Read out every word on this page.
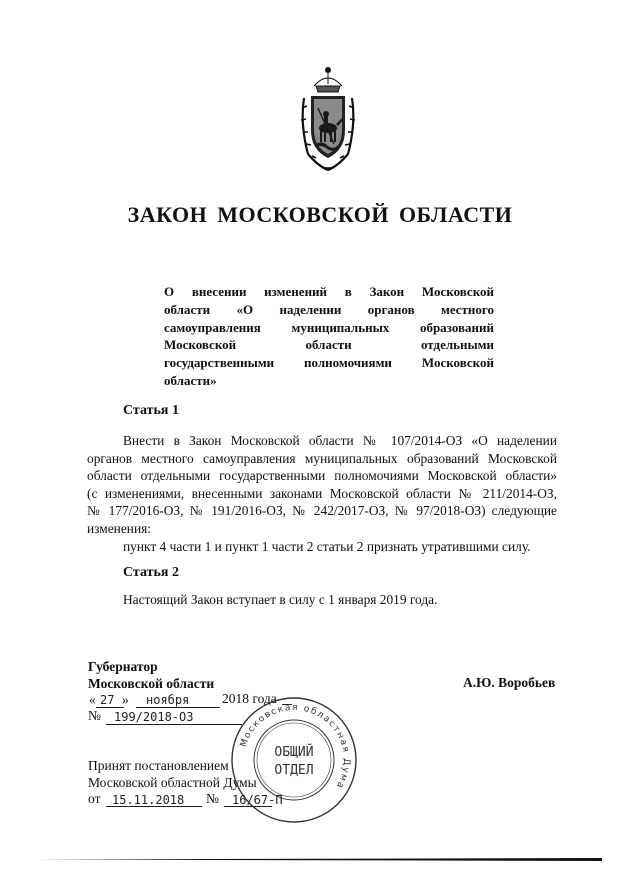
ЗАКОН МОСКОВСКОЙ ОБЛАСТИ
О внесении изменений в Закон Московской
области «О наделении органов местного
самоуправления муниципальных образований
Московской области отдельными
государственными полномочиями Московской
области»
Статья 1
Внести в Закон Московской области № 107/2014-ОЗ «О наделении
органов местного самоуправления муниципальных образований Московской
области отдельными государственными полномочиями Московской области»
(с изменениями, внесенными законами Московской области № 211/2014-ОЗ,
№ 177/2016-ОЗ, № 191/2016-ОЗ, № 242/2017-ОЗ, № 97/2018-ОЗ) следующие
изменения:
пункт 4 части 1 и пункт 1 части 2 статьи 2 признать утратившими силу.
Статья 2
Настоящий Закон вступает в силу с 1 января 2019 года.
Губернатор
Московской области	А.Ю. Воробьев
« 27 » ноября 2018 года
№ 199/2018-ОЗ
Принят постановлением
Московской областной Думы
от 15.11.2018 № 16/67-П
Московская областная Дума
ОБЩИЙ
ОТДЕЛ
